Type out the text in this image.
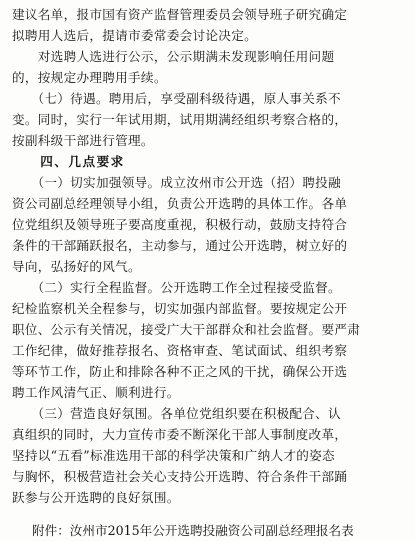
建议名单，报市国有资产监督管理委员会领导班子研究确定
拟聘用人选后，提请市委常委会讨论决定。
　　对选聘人选进行公示，公示期满未发现影响任用问题
的，按规定办理聘用手续。
　　（七）待遇。聘用后，享受副科级待遇，原人事关系不
变。同时，实行一年试用期，试用期满经组织考察合格的，
按副科级干部进行管理。
　　四、几点要求
　　（一）切实加强领导。成立汝州市公开选（招）聘投融
资公司副总经理领导小组，负责公开选聘的具体工作。各单
位党组织及领导班子要高度重视，积极行动，鼓励支持符合
条件的干部踊跃报名，主动参与，通过公开选聘，树立好的
导向，弘扬好的风气。
　　（二）实行全程监督。公开选聘工作全过程接受监督。
纪检监察机关全程参与，切实加强内部监督。要按规定公开
职位、公示有关情况，接受广大干部群众和社会监督。要严肃
工作纪律，做好推荐报名、资格审查、笔试面试、组织考察
等环节工作，防止和排除各种不正之风的干扰，确保公开选
聘工作风清气正、顺利进行。
　　（三）营造良好氛围。各单位党组织要在积极配合、认
真组织的同时，大力宣传市委不断深化干部人事制度改革，
坚持以“五看”标准选用干部的科学决策和广纳人才的姿态
与胸怀，积极营造社会关心支持公开选聘、符合条件干部踊
跃参与公开选聘的良好氛围。
附件：汝州市2015年公开选聘投融资公司副总经理报名表
